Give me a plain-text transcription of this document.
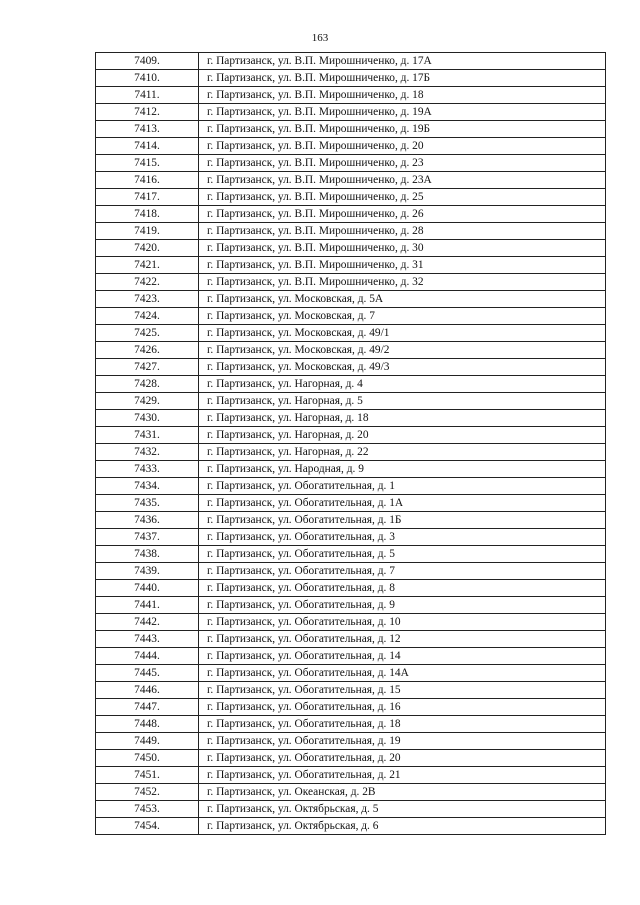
163
7409.	г. Партизанск, ул. В.П. Мирошниченко, д. 17А
7410.	г. Партизанск, ул. В.П. Мирошниченко, д. 17Б
7411.	г. Партизанск, ул. В.П. Мирошниченко, д. 18
7412.	г. Партизанск, ул. В.П. Мирошниченко, д. 19А
7413.	г. Партизанск, ул. В.П. Мирошниченко, д. 19Б
7414.	г. Партизанск, ул. В.П. Мирошниченко, д. 20
7415.	г. Партизанск, ул. В.П. Мирошниченко, д. 23
7416.	г. Партизанск, ул. В.П. Мирошниченко, д. 23А
7417.	г. Партизанск, ул. В.П. Мирошниченко, д. 25
7418.	г. Партизанск, ул. В.П. Мирошниченко, д. 26
7419.	г. Партизанск, ул. В.П. Мирошниченко, д. 28
7420.	г. Партизанск, ул. В.П. Мирошниченко, д. 30
7421.	г. Партизанск, ул. В.П. Мирошниченко, д. 31
7422.	г. Партизанск, ул. В.П. Мирошниченко, д. 32
7423.	г. Партизанск, ул. Московская, д. 5А
7424.	г. Партизанск, ул. Московская, д. 7
7425.	г. Партизанск, ул. Московская, д. 49/1
7426.	г. Партизанск, ул. Московская, д. 49/2
7427.	г. Партизанск, ул. Московская, д. 49/3
7428.	г. Партизанск, ул. Нагорная, д. 4
7429.	г. Партизанск, ул. Нагорная, д. 5
7430.	г. Партизанск, ул. Нагорная, д. 18
7431.	г. Партизанск, ул. Нагорная, д. 20
7432.	г. Партизанск, ул. Нагорная, д. 22
7433.	г. Партизанск, ул. Народная, д. 9
7434.	г. Партизанск, ул. Обогатительная, д. 1
7435.	г. Партизанск, ул. Обогатительная, д. 1А
7436.	г. Партизанск, ул. Обогатительная, д. 1Б
7437.	г. Партизанск, ул. Обогатительная, д. 3
7438.	г. Партизанск, ул. Обогатительная, д. 5
7439.	г. Партизанск, ул. Обогатительная, д. 7
7440.	г. Партизанск, ул. Обогатительная, д. 8
7441.	г. Партизанск, ул. Обогатительная, д. 9
7442.	г. Партизанск, ул. Обогатительная, д. 10
7443.	г. Партизанск, ул. Обогатительная, д. 12
7444.	г. Партизанск, ул. Обогатительная, д. 14
7445.	г. Партизанск, ул. Обогатительная, д. 14А
7446.	г. Партизанск, ул. Обогатительная, д. 15
7447.	г. Партизанск, ул. Обогатительная, д. 16
7448.	г. Партизанск, ул. Обогатительная, д. 18
7449.	г. Партизанск, ул. Обогатительная, д. 19
7450.	г. Партизанск, ул. Обогатительная, д. 20
7451.	г. Партизанск, ул. Обогатительная, д. 21
7452.	г. Партизанск, ул. Океанская, д. 2В
7453.	г. Партизанск, ул. Октябрьская, д. 5
7454.	г. Партизанск, ул. Октябрьская, д. 6
